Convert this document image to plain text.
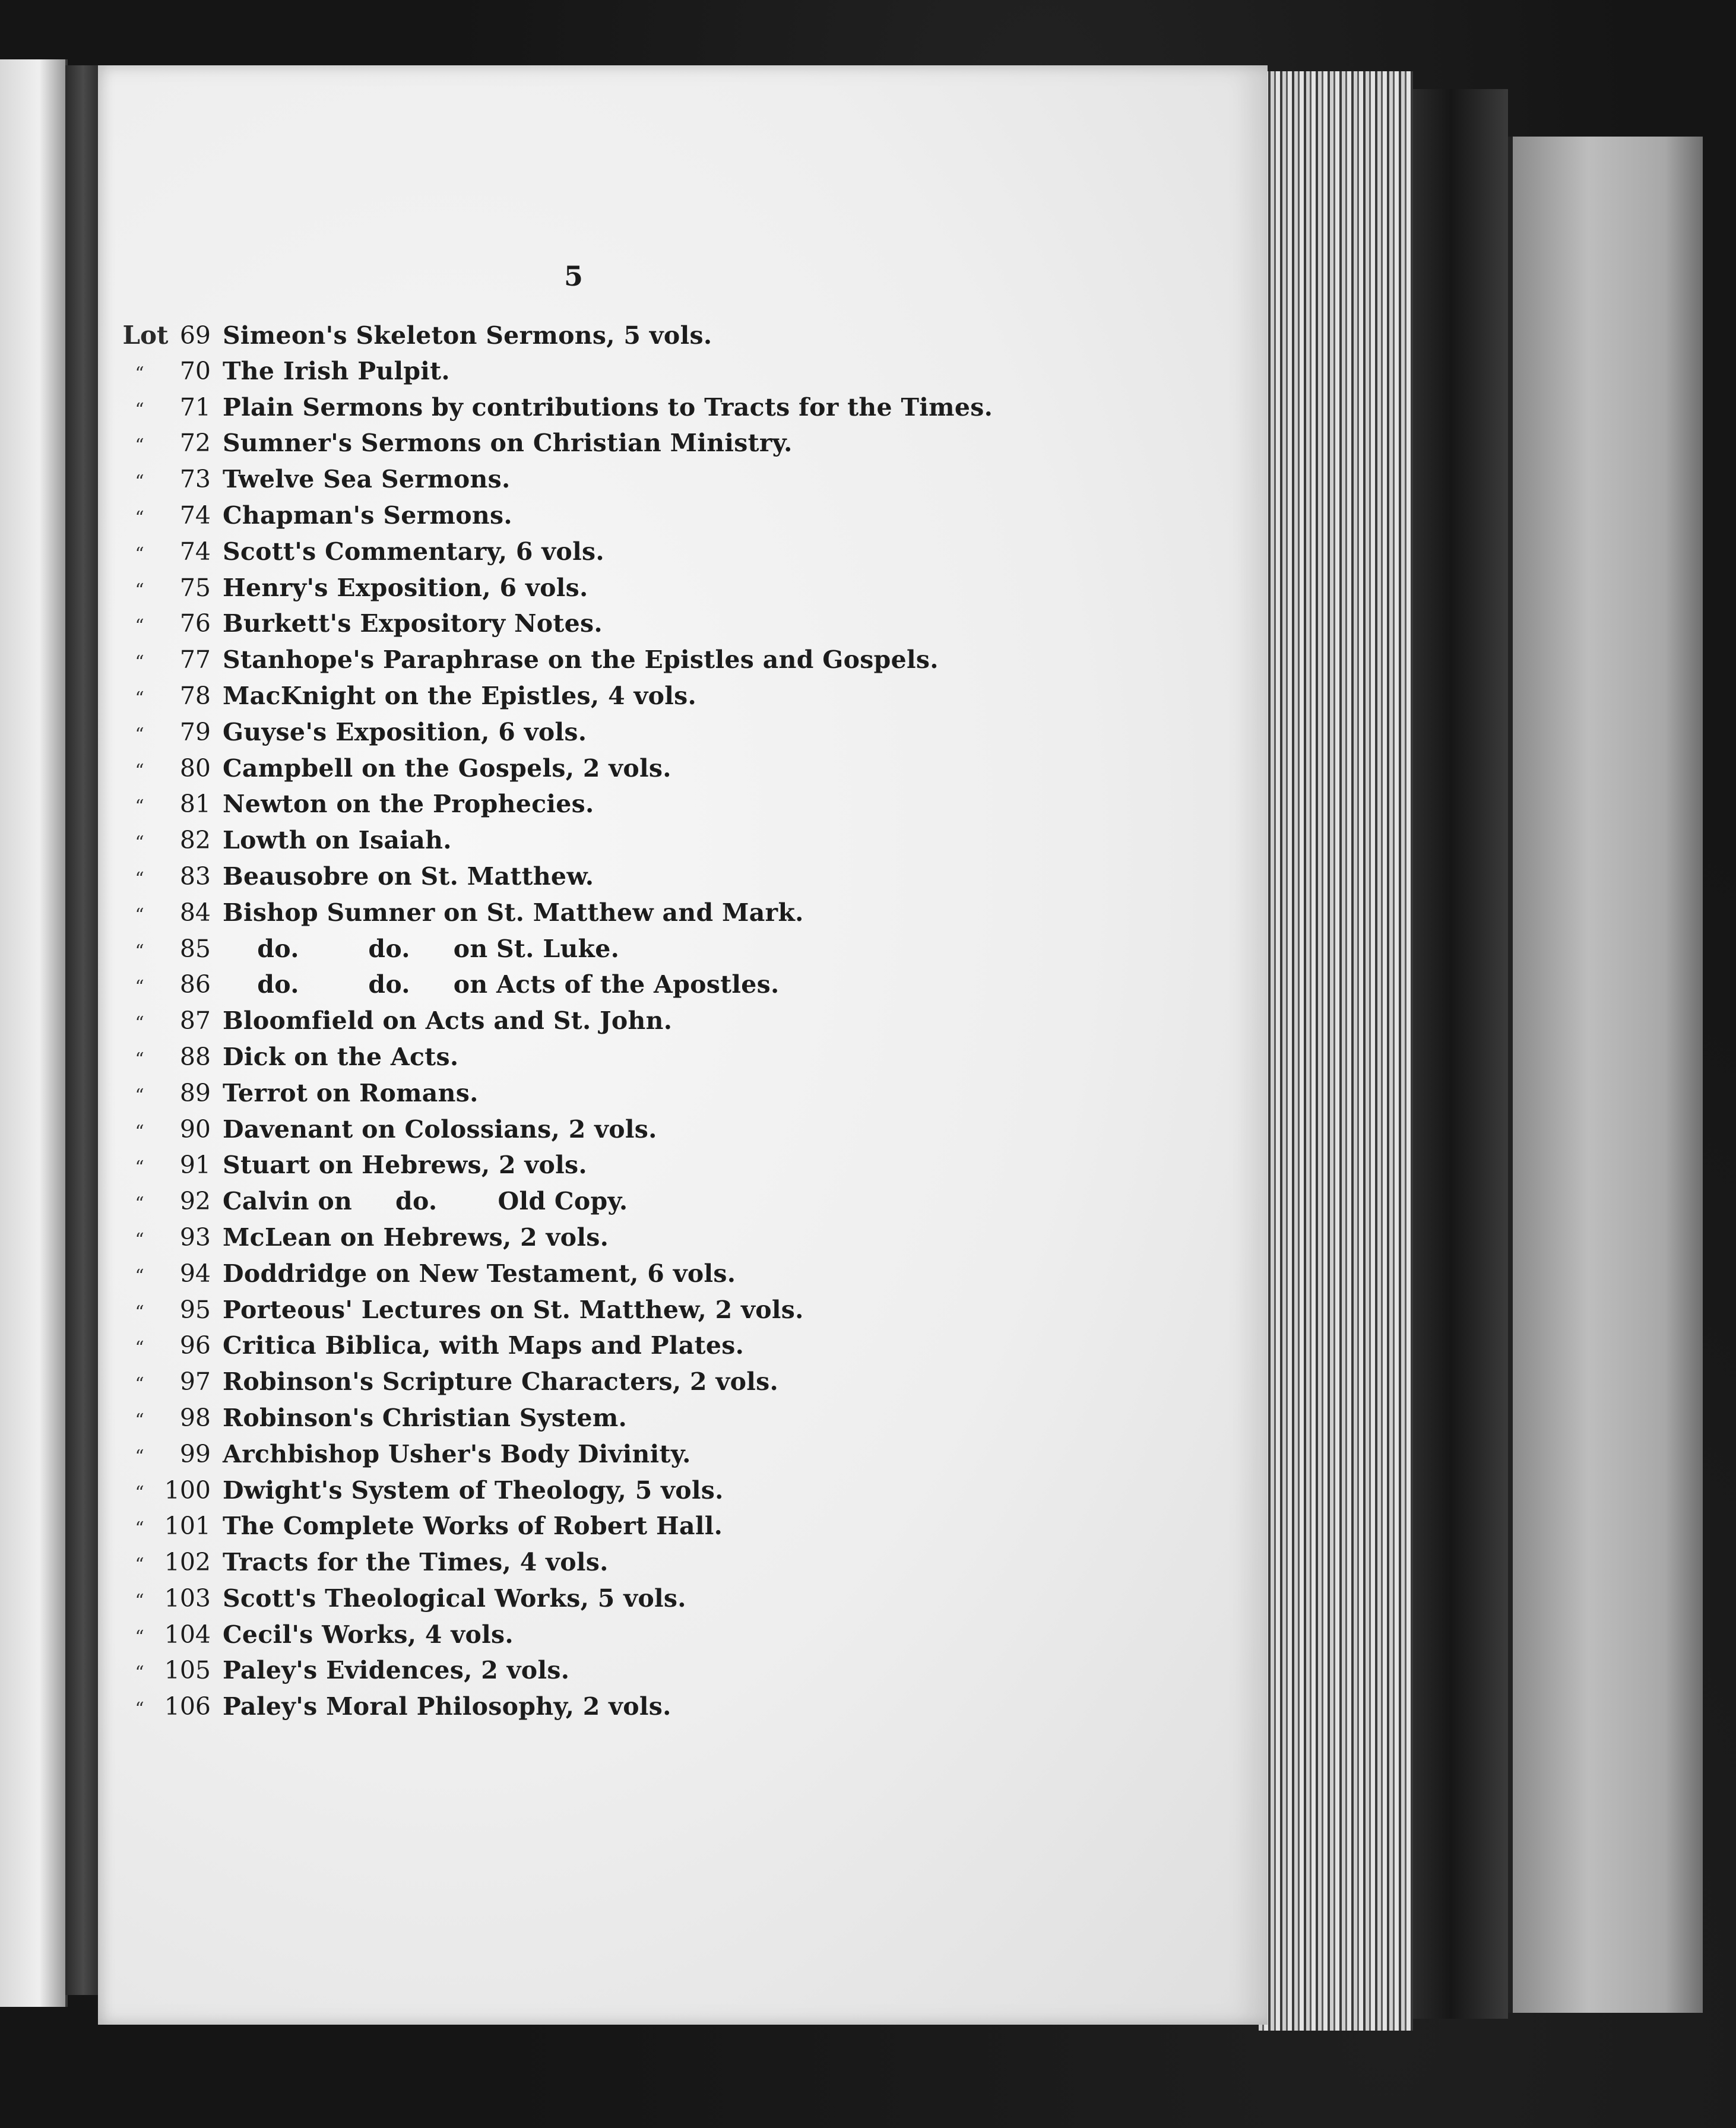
5
Lot 69 Simeon's Skeleton Sermons, 5 vols.
“	70 The Irish Pulpit.
“	71 Plain Sermons by contributions to Tracts for the Times.
“	72 Sumner's Sermons on Christian Ministry.
“	73 Twelve Sea Sermons.
“	74 Chapman's Sermons.
“	74 Scott's Commentary, 6 vols.
“	75 Henry's Exposition, 6 vols.
“	76 Burkett's Expository Notes.
“	77 Stanhope's Paraphrase on the Epistles and Gospels.
“	78 MacKnight on the Epistles, 4 vols.
“	79 Guyse's Exposition, 6 vols.
“	80 Campbell on the Gospels, 2 vols.
“	81 Newton on the Prophecies.
“	82 Lowth on Isaiah.
“	83 Beausobre on St. Matthew.
“	84 Bishop Sumner on St. Matthew and Mark.
“	85 do.        do.     on St. Luke.
“	86 do.        do.     on Acts of the Apostles.
“	87 Bloomfield on Acts and St. John.
“	88 Dick on the Acts.
“	89 Terrot on Romans.
“	90 Davenant on Colossians, 2 vols.
“	91 Stuart on Hebrews, 2 vols.
“	92 Calvin on     do.       Old Copy.
“	93 McLean on Hebrews, 2 vols.
“	94 Doddridge on New Testament, 6 vols.
“	95 Porteous' Lectures on St. Matthew, 2 vols.
“	96 Critica Biblica, with Maps and Plates.
“	97 Robinson's Scripture Characters, 2 vols.
“	98 Robinson's Christian System.
“	99 Archbishop Usher's Body Divinity.
“ 100 Dwight's System of Theology, 5 vols.
“ 101 The Complete Works of Robert Hall.
“ 102 Tracts for the Times, 4 vols.
“ 103 Scott's Theological Works, 5 vols.
“ 104 Cecil's Works, 4 vols.
“ 105 Paley's Evidences, 2 vols.
“ 106 Paley's Moral Philosophy, 2 vols.
